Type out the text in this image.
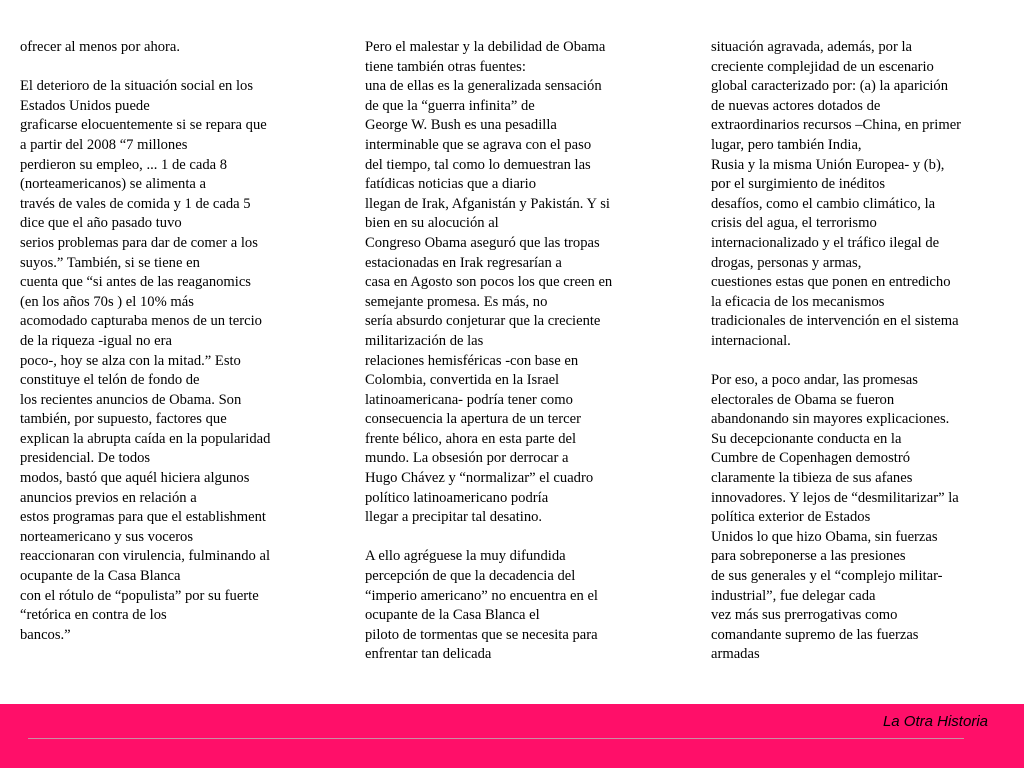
ofrecer al menos por ahora.
El deterioro de la situación social en los
Estados Unidos puede
graficarse elocuentemente si se repara que
a partir del 2008 “7 millones
perdieron su empleo, ... 1 de cada 8
(norteamericanos) se alimenta a
través de vales de comida y 1 de cada 5
dice que el año pasado tuvo
serios problemas para dar de comer a los
suyos.” También, si se tiene en
cuenta que “si antes de las reaganomics
(en los años 70s ) el 10% más
acomodado capturaba menos de un tercio
de la riqueza -igual no era
poco-, hoy se alza con la mitad.” Esto
constituye el telón de fondo de
los recientes anuncios de Obama. Son
también, por supuesto, factores que
explican la abrupta caída en la popularidad
presidencial. De todos
modos, bastó que aquél hiciera algunos
anuncios previos en relación a
estos programas para que el establishment
norteamericano y sus voceros
reaccionaran con virulencia, fulminando al
ocupante de la Casa Blanca
con el rótulo de “populista” por su fuerte
“retórica en contra de los
bancos.”
Pero el malestar y la debilidad de Obama
tiene también otras fuentes:
una de ellas es la generalizada sensación
de que la “guerra infinita” de
George W. Bush es una pesadilla
interminable que se agrava con el paso
del tiempo, tal como lo demuestran las
fatídicas noticias que a diario
llegan de Irak, Afganistán y Pakistán. Y si
bien en su alocución al
Congreso Obama aseguró que las tropas
estacionadas en Irak regresarían a
casa en Agosto son pocos los que creen en
semejante promesa. Es más, no
sería absurdo conjeturar que la creciente
militarización de las
relaciones hemisféricas -con base en
Colombia, convertida en la Israel
latinoamericana- podría tener como
consecuencia la apertura de un tercer
frente bélico, ahora en esta parte del
mundo. La obsesión por derrocar a
Hugo Chávez y “normalizar” el cuadro
político latinoamericano podría
llegar a precipitar tal desatino.
A ello agréguese la muy difundida
percepción de que la decadencia del
“imperio americano” no encuentra en el
ocupante de la Casa Blanca el
piloto de tormentas que se necesita para
enfrentar tan delicada
situación agravada, además, por la
creciente complejidad de un escenario
global caracterizado por: (a) la aparición
de nuevas actores dotados de
extraordinarios recursos –China, en primer
lugar, pero también India,
Rusia y la misma Unión Europea- y (b),
por el surgimiento de inéditos
desafíos, como el cambio climático, la
crisis del agua, el terrorismo
internacionalizado y el tráfico ilegal de
drogas, personas y armas,
cuestiones estas que ponen en entredicho
la eficacia de los mecanismos
tradicionales de intervención en el sistema
internacional.
Por eso, a poco andar, las promesas
electorales de Obama se fueron
abandonando sin mayores explicaciones.
Su decepcionante conducta en la
Cumbre de Copenhagen demostró
claramente la tibieza de sus afanes
innovadores. Y lejos de “desmilitarizar” la
política exterior de Estados
Unidos lo que hizo Obama, sin fuerzas
para sobreponerse a las presiones
de sus generales y el “complejo militar-
industrial”, fue delegar cada
vez más sus prerrogativas como
comandante supremo de las fuerzas
armadas
La Otra Historia
